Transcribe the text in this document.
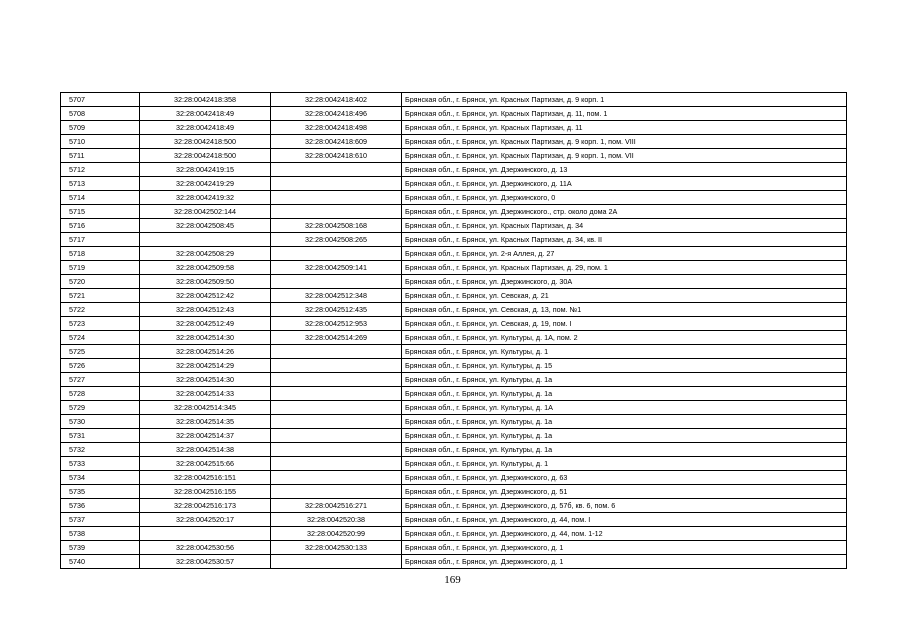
5707	32:28:0042418:358	32:28:0042418:402	Брянская обл., г. Брянск, ул. Красных Партизан, д. 9 корп. 1
5708	32:28:0042418:49	32:28:0042418:496	Брянская обл., г. Брянск, ул. Красных Партизан, д. 11, пом. 1
5709	32:28:0042418:49	32:28:0042418:498	Брянская обл., г. Брянск, ул. Красных Партизан, д. 11
5710	32:28:0042418:500	32:28:0042418:609	Брянская обл., г. Брянск, ул. Красных Партизан, д. 9 корп. 1, пом. VIII
5711	32:28:0042418:500	32:28:0042418:610	Брянская обл., г. Брянск, ул. Красных Партизан, д. 9 корп. 1, пом. VII
5712	32:28:0042419:15		Брянская обл., г. Брянск, ул. Дзержинского, д. 13
5713	32:28:0042419:29		Брянская обл., г. Брянск, ул. Дзержинского, д. 11А
5714	32:28:0042419:32		Брянская обл., г. Брянск, ул. Дзержинского, 0
5715	32:28:0042502:144		Брянская обл., г. Брянск, ул. Дзержинского., стр. около дома 2А
5716	32:28:0042508:45	32:28:0042508:168	Брянская обл., г. Брянск, ул. Красных Партизан, д. 34
5717		32:28:0042508:265	Брянская обл., г. Брянск, ул. Красных Партизан, д. 34, кв. II
5718	32:28:0042508:29		Брянская обл., г. Брянск, ул. 2-я Аллея, д. 27
5719	32:28:0042509:58	32:28:0042509:141	Брянская обл., г. Брянск, ул. Красных Партизан, д. 29, пом. 1
5720	32:28:0042509:50		Брянская обл., г. Брянск, ул. Дзержинского, д. 30А
5721	32:28:0042512:42	32:28:0042512:348	Брянская обл., г. Брянск, ул. Севская, д. 21
5722	32:28:0042512:43	32:28:0042512:435	Брянская обл., г. Брянск, ул. Севская, д. 13, пом. №1
5723	32:28:0042512:49	32:28:0042512:953	Брянская обл., г. Брянск, ул. Севская, д. 19, пом. I
5724	32:28:0042514:30	32:28:0042514:269	Брянская обл., г. Брянск, ул. Культуры, д. 1А, пом. 2
5725	32:28:0042514:26		Брянская обл., г. Брянск, ул. Культуры, д. 1
5726	32:28:0042514:29		Брянская обл., г. Брянск, ул. Культуры, д. 15
5727	32:28:0042514:30		Брянская обл., г. Брянск, ул. Культуры, д. 1а
5728	32:28:0042514:33		Брянская обл., г. Брянск, ул. Культуры, д. 1а
5729	32:28:0042514:345		Брянская обл., г. Брянск, ул. Культуры, д. 1А
5730	32:28:0042514:35		Брянская обл., г. Брянск, ул. Культуры, д. 1а
5731	32:28:0042514:37		Брянская обл., г. Брянск, ул. Культуры, д. 1а
5732	32:28:0042514:38		Брянская обл., г. Брянск, ул. Культуры, д. 1а
5733	32:28:0042515:66		Брянская обл., г. Брянск, ул. Культуры, д. 1
5734	32:28:0042516:151		Брянская обл., г. Брянск, ул. Дзержинского, д. 63
5735	32:28:0042516:155		Брянская обл., г. Брянск, ул. Дзержинского, д. 51
5736	32:28:0042516:173	32:28:0042516:271	Брянская обл., г. Брянск, ул. Дзержинского, д. 57б, кв. 6, пом. 6
5737	32:28:0042520:17	32:28:0042520:38	Брянская обл., г. Брянск, ул. Дзержинского, д. 44, пом. I
5738		32:28:0042520:99	Брянская обл., г. Брянск, ул. Дзержинского, д. 44, пом. 1-12
5739	32:28:0042530:56	32:28:0042530:133	Брянская обл., г. Брянск, ул. Дзержинского, д. 1
5740	32:28:0042530:57		Брянская обл., г. Брянск, ул. Дзержинского, д. 1
169
